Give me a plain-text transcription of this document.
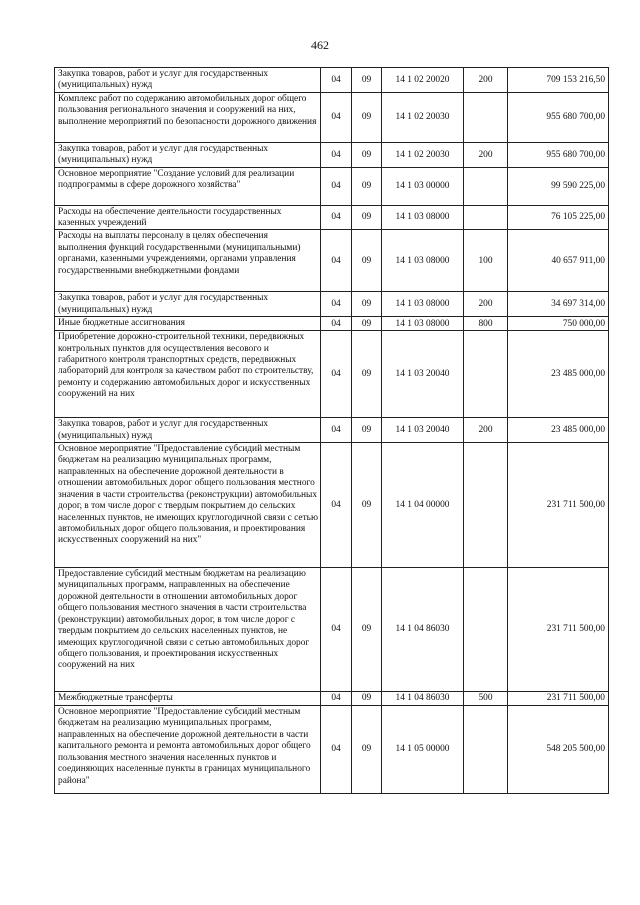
462
Закупка товаров, работ и услуг для государственных (муниципальных) нужд	04	09	14 1 02 20020	200	709 153 216,50
Комплекс работ по содержанию автомобильных дорог общего пользования регионального значения и сооружений на них, выполнение мероприятий по безопасности дорожного движения	04	09	14 1 02 20030		955 680 700,00
Закупка товаров, работ и услуг для государственных (муниципальных) нужд	04	09	14 1 02 20030	200	955 680 700,00
Основное мероприятие "Создание условий для реализации подпрограммы в сфере дорожного хозяйства"	04	09	14 1 03 00000		99 590 225,00
Расходы на обеспечение деятельности государственных казенных учреждений	04	09	14 1 03 08000		76 105 225,00
Расходы на выплаты персоналу в целях обеспечения выполнения функций государственными (муниципальными) органами, казенными учреждениями, органами управления государственными внебюджетными фондами	04	09	14 1 03 08000	100	40 657 911,00
Закупка товаров, работ и услуг для государственных (муниципальных) нужд	04	09	14 1 03 08000	200	34 697 314,00
Иные бюджетные ассигнования	04	09	14 1 03 08000	800	750 000,00
Приобретение дорожно-строительной техники, передвижных контрольных пунктов для осуществления весового и габаритного контроля транспортных средств, передвижных лабораторий для контроля за качеством работ по строительству, ремонту и содержанию автомобильных дорог и искусственных сооружений на них	04	09	14 1 03 20040		23 485 000,00
Закупка товаров, работ и услуг для государственных (муниципальных) нужд	04	09	14 1 03 20040	200	23 485 000,00
Основное мероприятие "Предоставление субсидий местным бюджетам на реализацию муниципальных программ, направленных на обеспечение дорожной деятельности в отношении автомобильных дорог общего пользования местного значения в части строительства (реконструкции) автомобильных дорог, в том числе дорог с твердым покрытием до сельских населенных пунктов, не имеющих круглогодичной связи с сетью автомобильных дорог общего пользования, и проектирования искусственных сооружений на них"	04	09	14 1 04 00000		231 711 500,00
Предоставление субсидий местным бюджетам на реализацию муниципальных программ, направленных на обеспечение дорожной деятельности в отношении автомобильных дорог общего пользования местного значения в части строительства (реконструкции) автомобильных дорог, в том числе дорог с твердым покрытием до сельских населенных пунктов, не имеющих круглогодичной связи с сетью автомобильных дорог общего пользования, и проектирования искусственных сооружений на них	04	09	14 1 04 86030		231 711 500,00
Межбюджетные трансферты	04	09	14 1 04 86030	500	231 711 500,00
Основное мероприятие "Предоставление субсидий местным бюджетам на реализацию муниципальных программ, направленных на обеспечение дорожной деятельности в части капитального ремонта и ремонта автомобильных дорог общего пользования местного значения населенных пунктов и соединяющих населенные пункты в границах муниципального района"	04	09	14 1 05 00000		548 205 500,00
